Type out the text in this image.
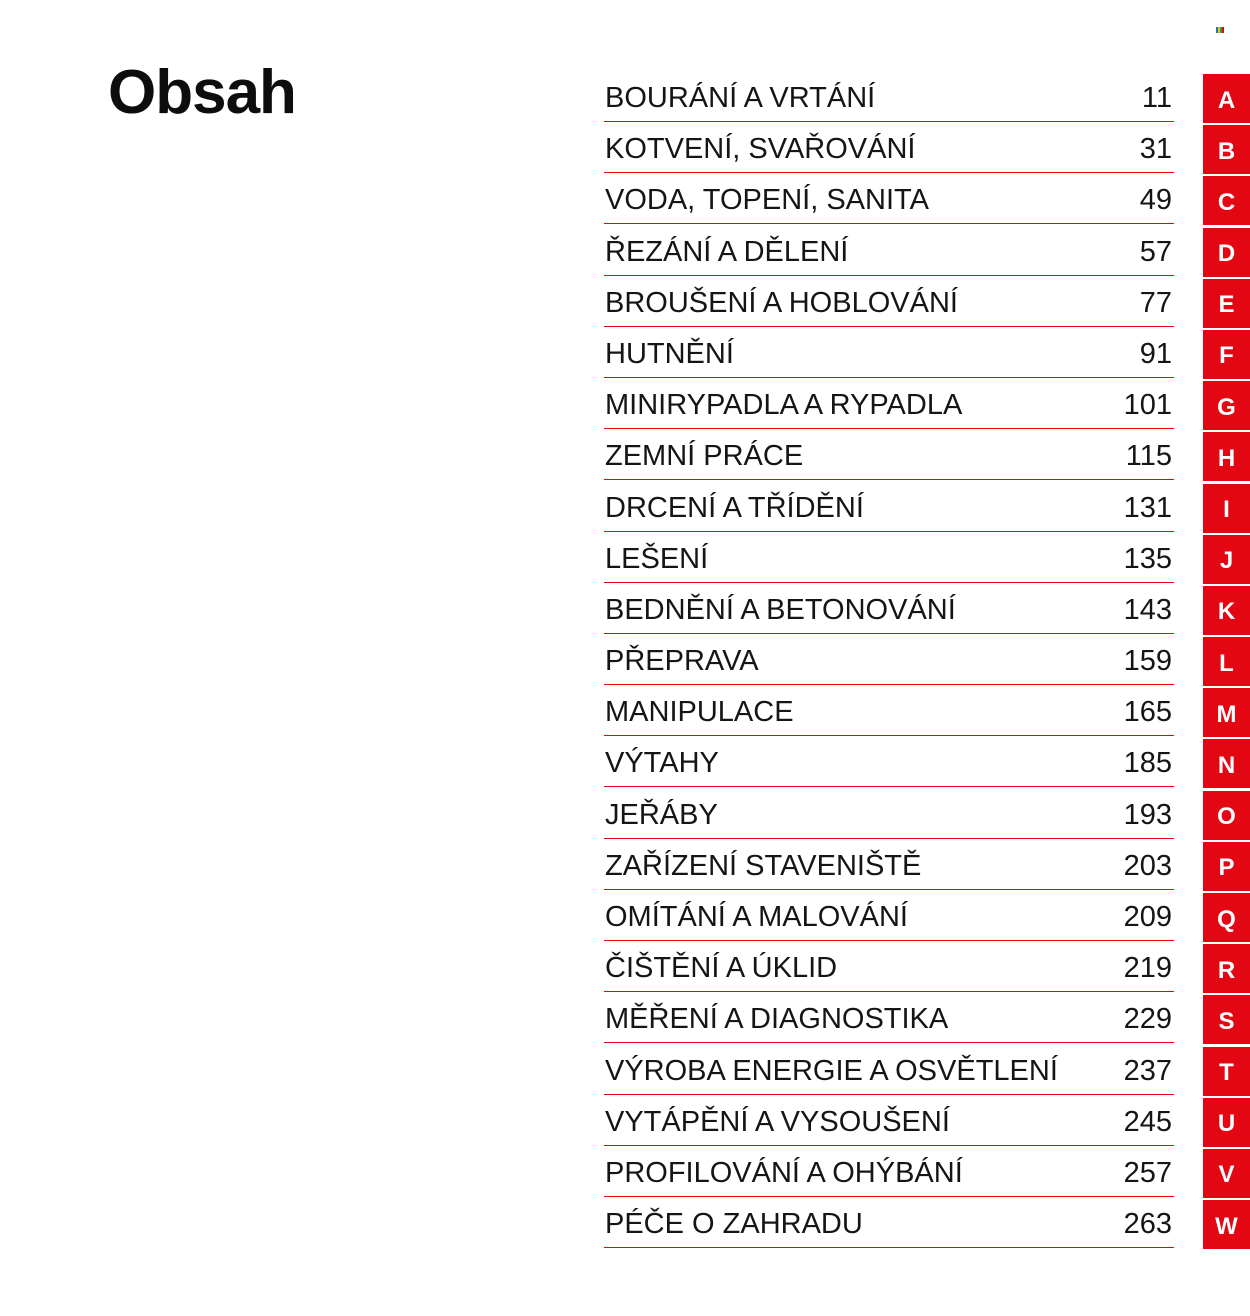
Obsah	BOURÁNÍ A VRTÁNÍ	11
KOTVENÍ, SVAŘOVÁNÍ	31
VODA, TOPENÍ, SANITA	49
ŘEZÁNÍ A DĚLENÍ	57
BROUŠENÍ A HOBLOVÁNÍ	77
HUTNĚNÍ	91
MINIRYPADLA A RYPADLA	101
ZEMNÍ PRÁCE	115
DRCENÍ A TŘÍDĚNÍ	131
LEŠENÍ	135
BEDNĚNÍ A BETONOVÁNÍ	143
PŘEPRAVA	159
MANIPULACE	165
VÝTAHY	185
JEŘÁBY	193
ZAŘÍZENÍ STAVENIŠTĚ	203
OMÍTÁNÍ A MALOVÁNÍ	209
ČIŠTĚNÍ A ÚKLID	219
MĚŘENÍ A DIAGNOSTIKA	229
VÝROBA ENERGIE A OSVĚTLENÍ 237
VYTÁPĚNÍ A VYSOUŠENÍ	245
PROFILOVÁNÍ A OHÝBÁNÍ	257
PÉČE O ZAHRADU	263
A
B
C
D
E
F
G
H
I
J
K
L
M
N
O
P
Q
R
S
T
U
V
W
